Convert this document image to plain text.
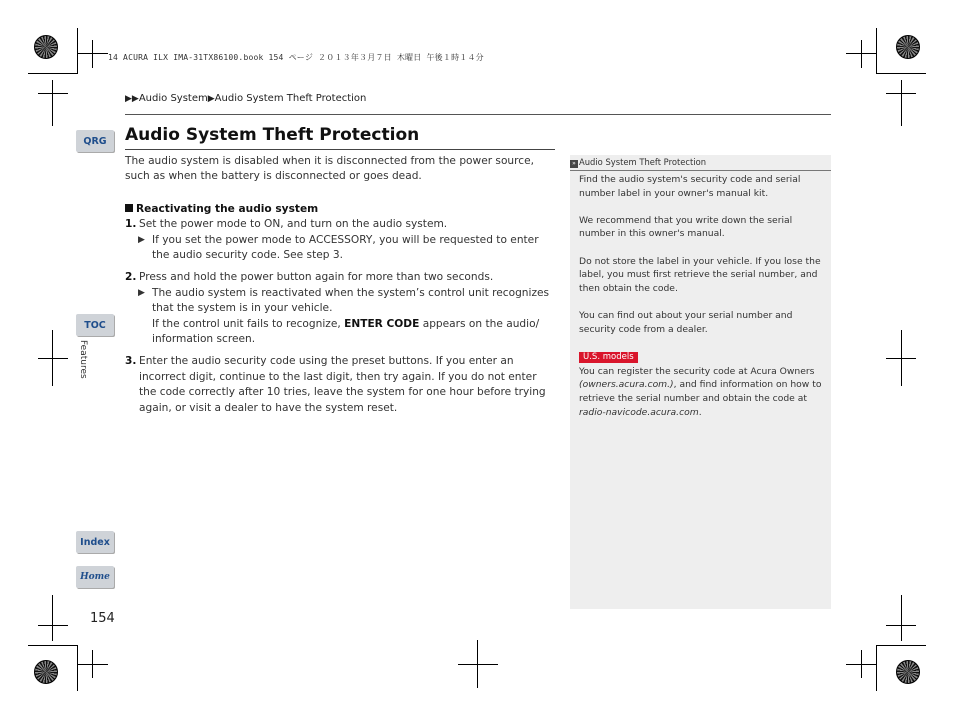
14 ACURA ILX IMA-31TX86100.book 154 ページ ２０１３年３月７日 木曜日 午後１時１４分
▶▶Audio System▶Audio System Theft Protection
QRG
TOC
Features
Index
Home
154
Audio System Theft Protection

The audio system is disabled when it is disconnected from the power source, such as when the battery is disconnected or goes dead.

Reactivating the audio system

1. Set the power mode to ON, and turn on the audio system.
▶ If you set the power mode to ACCESSORY, you will be requested to enter the audio security code. See step 3.
2. Press and hold the power button again for more than two seconds.
▶ The audio system is reactivated when the system’s control unit recognizes that the system is in your vehicle.
If the control unit fails to recognize, ENTER CODE appears on the audio/ information screen.
3. Enter the audio security code using the preset buttons. If you enter an incorrect digit, continue to the last digit, then try again. If you do not enter the code correctly after 10 tries, leave the system for one hour before trying again, or visit a dealer to have the system reset.
» Audio System Theft Protection

Find the audio system's security code and serial number label in your owner's manual kit.

We recommend that you write down the serial number in this owner's manual.

Do not store the label in your vehicle. If you lose the label, you must first retrieve the serial number, and then obtain the code.

You can find out about your serial number and security code from a dealer.

U.S. models

You can register the security code at Acura Owners (owners.acura.com.), and find information on how to retrieve the serial number and obtain the code at radio-navicode.acura.com.
